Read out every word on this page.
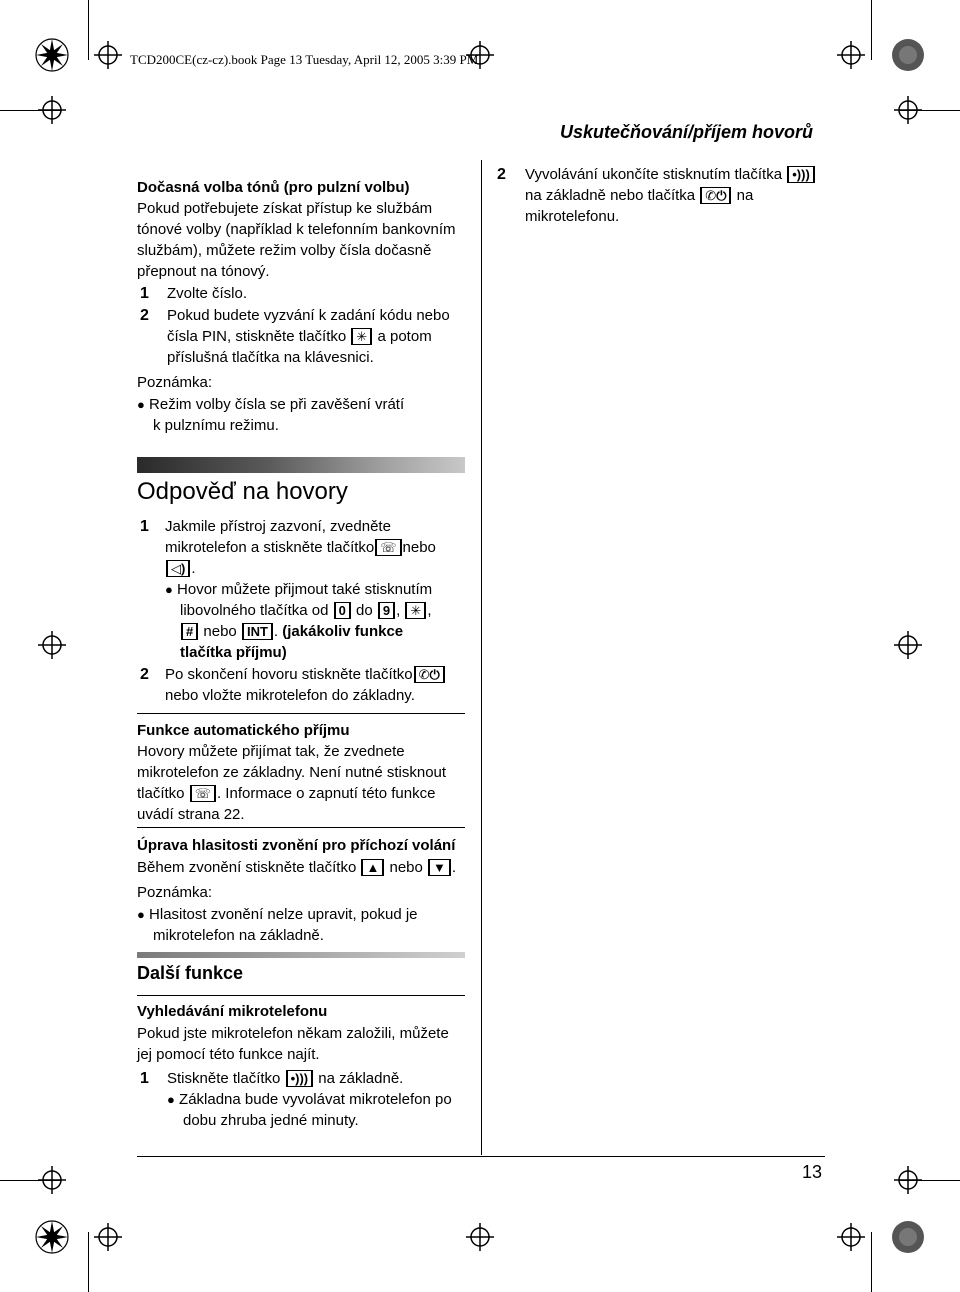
TCD200CE(cz-cz).book Page 13 Tuesday, April 12, 2005 3:39 PM
Uskutečňování/příjem hovorů
Dočasná volba tónů (pro pulzní volbu)
Pokud potřebujete získat přístup ke službám
tónové volby (například k telefonním bankovním
službám), můžete režim volby čísla dočasně
přepnout na tónový.
1 Zvolte číslo.
2 Pokud budete vyzvání k zadání kódu nebo
čísla PIN, stiskněte tlačítko ✳ a potom
příslušná tlačítka na klávesnici.
Poznámka:
● Režim volby čísla se při zavěšení vrátí
k pulznímu režimu.
Odpověď na hovory
1 Jakmile přístroj zazvoní, zvedněte
mikrotelefon a stiskněte tlačítko ☏ nebo
◁) .
● Hovor můžete přijmout také stisknutím
libovolného tlačítka od 0 do 9 , ✳ ,
# nebo INT . (jakákoliv funkce
tlačítka příjmu)
2 Po skončení hovoru stiskněte tlačítko ✆⏻
nebo vložte mikrotelefon do základny.
Funkce automatického příjmu
Hovory můžete přijímat tak, že zvednete
mikrotelefon ze základny. Není nutné stisknout
tlačítko ☏ . Informace o zapnutí této funkce
uvádí strana 22.
Úprava hlasitosti zvonění pro příchozí volání
Během zvonění stiskněte tlačítko ▲ nebo ▼ .
Poznámka:
● Hlasitost zvonění nelze upravit, pokud je
mikrotelefon na základně.
Další funkce
Vyhledávání mikrotelefonu
Pokud jste mikrotelefon někam založili, můžete
jej pomocí této funkce najít.
1 Stiskněte tlačítko •))) na základně.
● Základna bude vyvolávat mikrotelefon po
dobu zhruba jedné minuty.
13
2 Vyvolávání ukončíte stisknutím tlačítka •)))
na základně nebo tlačítka ✆⏻ na
mikrotelefonu.
